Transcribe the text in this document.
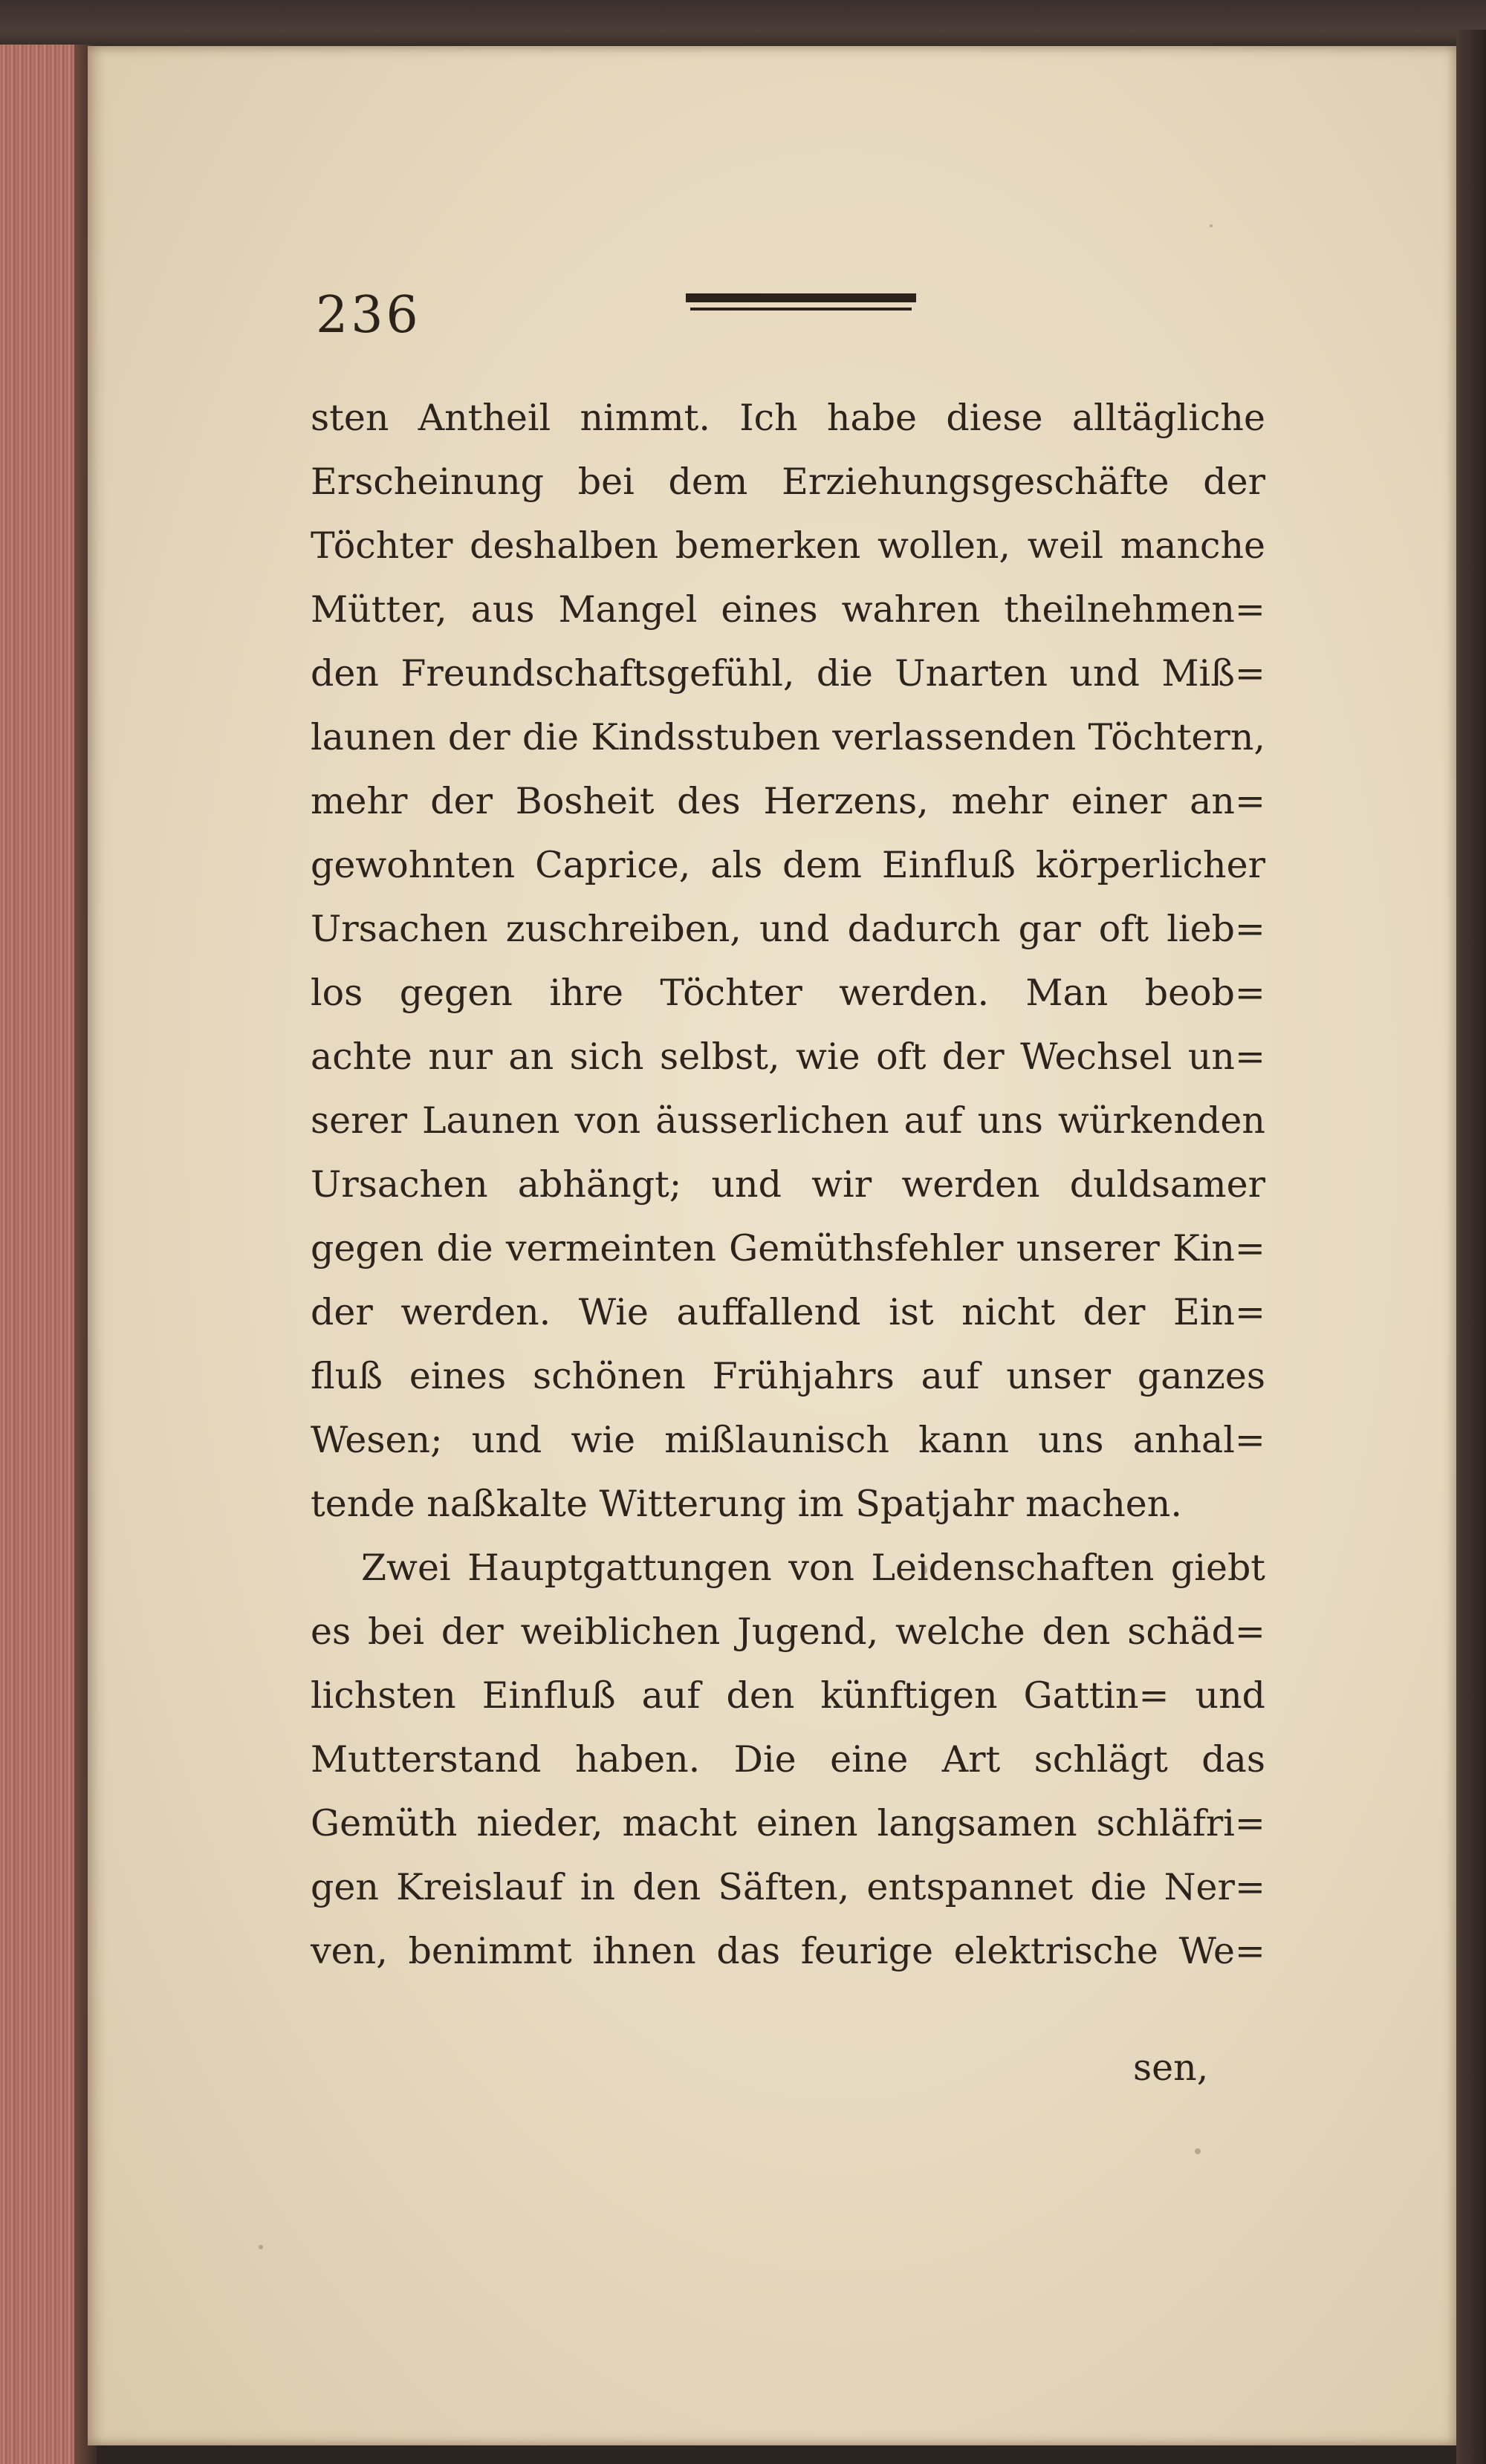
236

sten Antheil nimmt. Ich habe diese alltägliche
Erscheinung bei dem Erziehungsgeschäfte der
Töchter deshalben bemerken wollen, weil manche
Mütter, aus Mangel eines wahren theilnehmen=
den Freundschaftsgefühl, die Unarten und Miß=
launen der die Kindsstuben verlassenden Töchtern,
mehr der Bosheit des Herzens, mehr einer an=
gewohnten Caprice, als dem Einfluß körperlicher
Ursachen zuschreiben, und dadurch gar oft lieb=
los gegen ihre Töchter werden. Man beob=
achte nur an sich selbst, wie oft der Wechsel un=
serer Launen von äusserlichen auf uns würkenden
Ursachen abhängt; und wir werden duldsamer
gegen die vermeinten Gemüthsfehler unserer Kin=
der werden. Wie auffallend ist nicht der Ein=
fluß eines schönen Frühjahrs auf unser ganzes
Wesen; und wie mißlaunisch kann uns anhal=
tende naßkalte Witterung im Spatjahr machen.
Zwei Hauptgattungen von Leidenschaften giebt
es bei der weiblichen Jugend, welche den schäd=
lichsten Einfluß auf den künftigen Gattin= und
Mutterstand haben. Die eine Art schlägt das
Gemüth nieder, macht einen langsamen schläfri=
gen Kreislauf in den Säften, entspannet die Ner=
ven, benimmt ihnen das feurige elektrische We=

sen,
